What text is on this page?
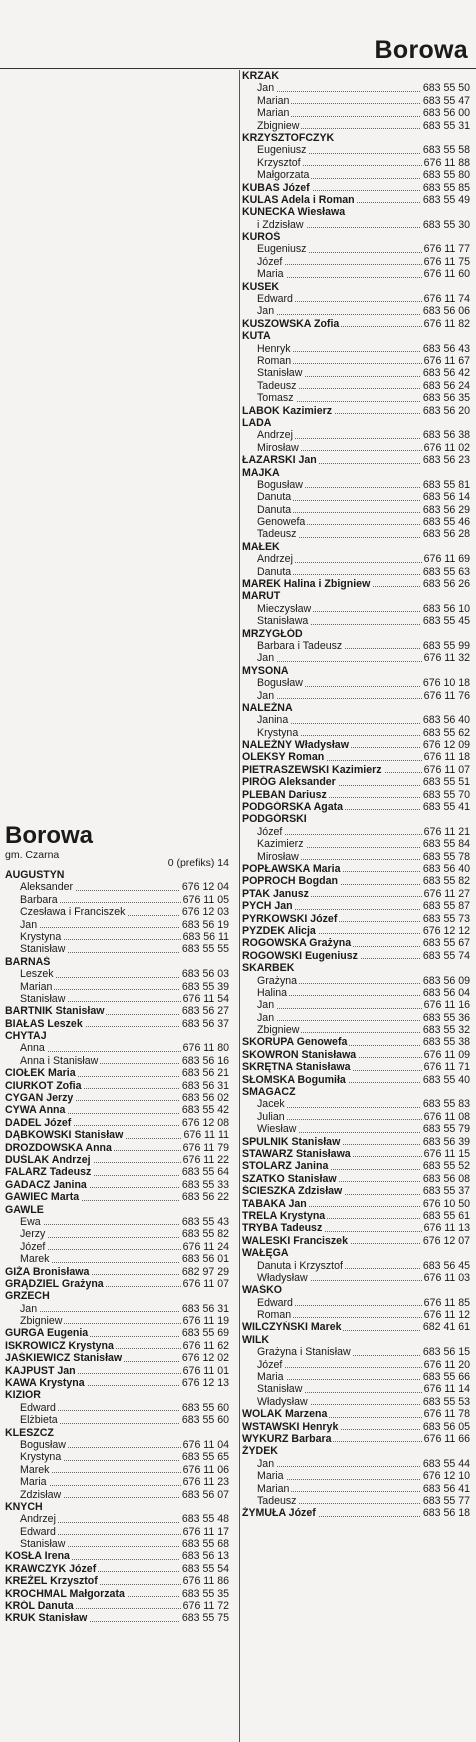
Borowa
Borowa
gm. Czarna
0 (prefiks) 14
AUGUSTYN
Aleksander	676 12 04
Barbara	676 11 05
Czesława i Franciszek	676 12 03
Jan	683 56 19
Krystyna	683 56 11
Stanisław	683 55 55
BARNAŚ
Leszek	683 56 03
Marian	683 55 39
Stanisław	676 11 54
BARTNIK Stanisław	683 56 27
BIAŁAS Leszek	683 56 37
CHYTAJ
Anna	676 11 80
Anna i Stanisław	683 56 16
CIOŁEK Maria	683 56 21
CIURKOT Zofia	683 56 31
CYGAN Jerzy	683 56 02
CYWA Anna	683 55 42
DADEL Józef	676 12 08
DĄBKOWSKI Stanisław	676 11 11
DROZDOWSKA Anna	676 11 79
DUŚLAK Andrzej	676 11 22
FALARZ Tadeusz	683 55 64
GADACZ Janina	683 55 33
GAWIEC Marta	683 56 22
GAWLE
Ewa	683 55 43
Jerzy	683 55 82
Józef	676 11 24
Marek	683 56 01
GIŻA Bronisława	682 97 29
GRĄDZIEL Grażyna	676 11 07
GRZECH
Jan	683 56 31
Zbigniew	676 11 19
GURGA Eugenia	683 55 69
ISKROWICZ Krystyna	676 11 62
JAŚKIEWICZ Stanisław	676 12 02
KAJPUST Jan	676 11 01
KAWA Krystyna	676 12 13
KIZIOR
Edward	683 55 60
Elżbieta	683 55 60
KLESZCZ
Bogusław	676 11 04
Krystyna	683 55 65
Marek	676 11 06
Maria	676 11 23
Zdzisław	683 56 07
KNYCH
Andrzej	683 55 48
Edward	676 11 17
Stanisław	683 55 68
KOSŁA Irena	683 56 13
KRAWCZYK Józef	683 55 54
KREŻEL Krzysztof	676 11 86
KROCHMAL Małgorzata	683 55 35
KRÓL Danuta	676 11 72
KRUK Stanisław	683 55 75
KRZAK
Jan	683 55 50
Marian	683 55 47
Marian	683 56 00
Zbigniew	683 55 31
KRZYSZTOFCZYK
Eugeniusz	683 55 58
Krzysztof	676 11 88
Małgorzata	683 55 80
KUBAS Józef	683 55 85
KULAS Adela i Roman	683 55 49
KUNECKA Wiesława
i Zdzisław	683 55 30
KUROŚ
Eugeniusz	676 11 77
Józef	676 11 75
Maria	676 11 60
KUSEK
Edward	676 11 74
Jan	683 56 06
KUSZOWSKA Zofia	676 11 82
KUTA
Henryk	683 56 43
Roman	676 11 67
Stanisław	683 56 42
Tadeusz	683 56 24
Tomasz	683 56 35
LABOK Kazimierz	683 56 20
LADA
Andrzej	683 56 38
Mirosław	676 11 02
ŁAZARSKI Jan	683 56 23
MAJKA
Bogusław	683 55 81
Danuta	683 56 14
Danuta	683 56 29
Genowefa	683 55 46
Tadeusz	683 56 28
MAŁEK
Andrzej	676 11 69
Danuta	683 55 63
MAREK Halina i Zbigniew	683 56 26
MARUT
Mieczysław	683 56 10
Stanisława	683 55 45
MRZYGŁÓD
Barbara i Tadeusz	683 55 99
Jan	676 11 32
MYSONA
Bogusław	676 10 18
Jan	676 11 76
NALEŹNA
Janina	683 56 40
Krystyna	683 55 62
NALEŹNY Władysław	676 12 09
OLEKSY Roman	676 11 18
PIETRASZEWSKI Kazimierz	676 11 07
PIRÓG Aleksander	683 55 51
PLEBAN Dariusz	683 55 70
PODGÓRSKA Agata	683 55 41
PODGÓRSKI
Józef	676 11 21
Kazimierz	683 55 84
Mirosław	683 55 78
POPŁAWSKA Maria	683 56 40
POPROCH Bogdan	683 55 82
PTAK Janusz	676 11 27
PYCH Jan	683 55 87
PYRKOWSKI Józef	683 55 73
PYZDEK Alicja	676 12 12
ROGOWSKA Grażyna	683 55 67
ROGOWSKI Eugeniusz	683 55 74
SKARBEK
Grażyna	683 56 09
Halina	683 56 04
Jan	676 11 16
Jan	683 55 36
Zbigniew	683 55 32
SKORUPA Genowefa	683 55 38
SKOWRON Stanisława	676 11 09
SKRĘTNA Stanisława	676 11 71
SŁOMSKA Bogumiła	683 55 40
SMAGACZ
Jacek	683 55 83
Julian	676 11 08
Wiesław	683 55 79
SPULNIK Stanisław	683 56 39
STAWARZ Stanisława	676 11 15
STOLARZ Janina	683 55 52
SZATKO Stanisław	683 56 08
ŚCIESZKA Zdzisław	683 55 37
TABAKA Jan	676 10 50
TRELA Krystyna	683 55 61
TRYBA Tadeusz	676 11 13
WALESKI Franciszek	676 12 07
WAŁĘGA
Danuta i Krzysztof	683 56 45
Władysław	676 11 03
WAŚKO
Edward	676 11 85
Roman	676 11 12
WILCZYŃSKI Marek	682 41 61
WILK
Grażyna i Stanisław	683 56 15
Józef	676 11 20
Maria	683 55 66
Stanisław	676 11 14
Władysław	683 55 53
WOLAK Marzena	676 11 78
WSTAWSKI Henryk	683 56 05
WYKURZ Barbara	676 11 66
ŻYDEK
Jan	683 55 44
Maria	676 12 10
Marian	683 56 41
Tadeusz	683 55 77
ŻYMUŁA Józef	683 56 18
